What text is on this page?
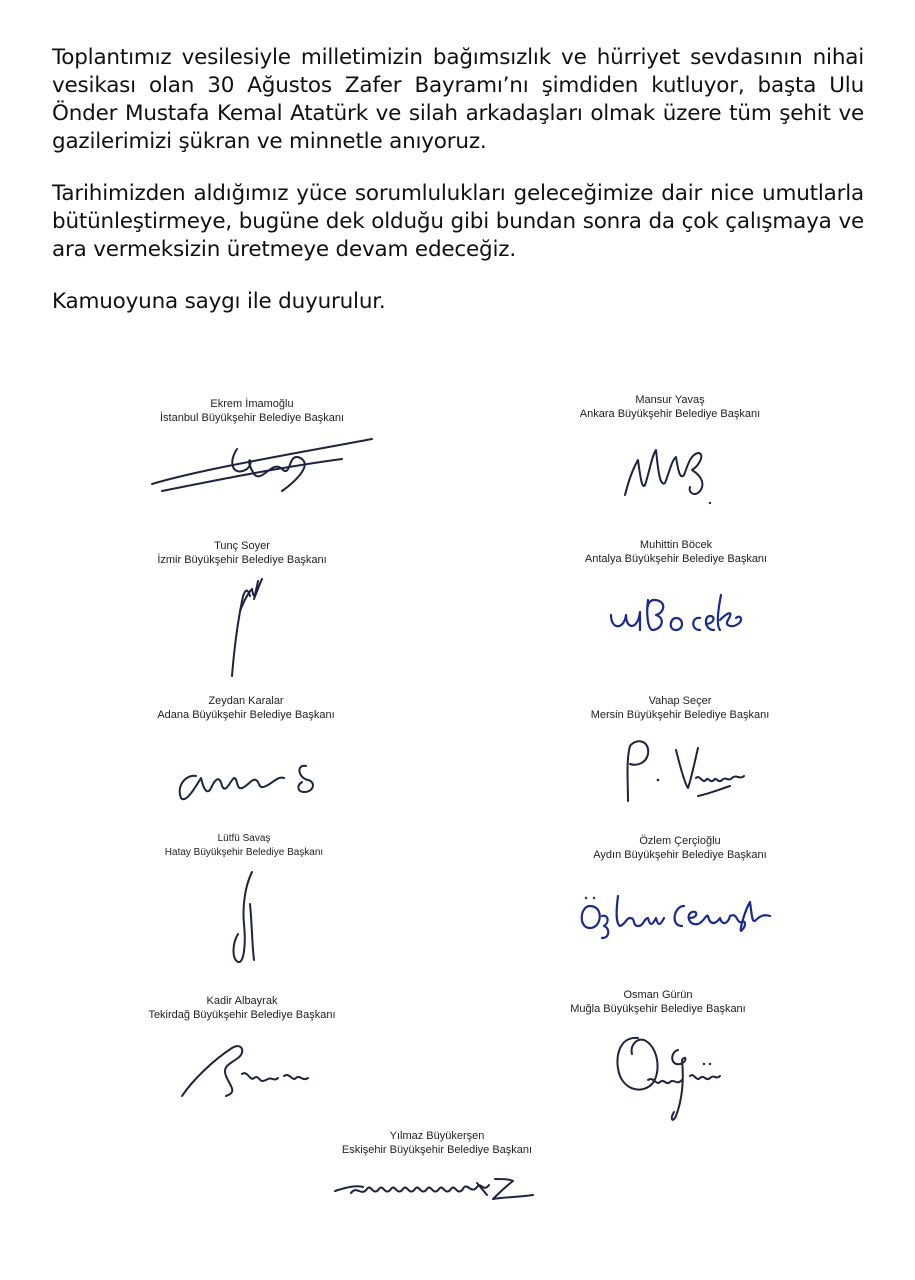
Toplantımız vesilesiyle milletimizin bağımsızlık ve hürriyet sevdasının nihai vesikası olan 30 Ağustos Zafer Bayramı’nı şimdiden kutluyor, başta Ulu Önder Mustafa Kemal Atatürk ve silah arkadaşları olmak üzere tüm şehit ve gazilerimizi şükran ve minnetle anıyoruz.

Tarihimizden aldığımız yüce sorumlulukları geleceğimize dair nice umutlarla bütünleştirmeye, bugüne dek olduğu gibi bundan sonra da çok çalışmaya ve ara vermeksizin üretmeye devam edeceğiz.

Kamuoyuna saygı ile duyurulur.

Ekrem İmamoğlu
İstanbul Büyükşehir Belediye Başkanı
Mansur Yavaş
Ankara Büyükşehir Belediye Başkanı
Tunç Soyer
İzmir Büyükşehir Belediye Başkanı
Muhittin Böcek
Antalya Büyükşehir Belediye Başkanı
Zeydan Karalar
Adana Büyükşehir Belediye Başkanı
Vahap Seçer
Mersin Büyükşehir Belediye Başkanı
Lütfü Savaş
Hatay Büyükşehir Belediye Başkanı
Özlem Çerçioğlu
Aydın Büyükşehir Belediye Başkanı
Kadir Albayrak
Tekirdağ Büyükşehir Belediye Başkanı
Osman Gürün
Muğla Büyükşehir Belediye Başkanı
Yılmaz Büyükerşen
Eskişehir Büyükşehir Belediye Başkanı
